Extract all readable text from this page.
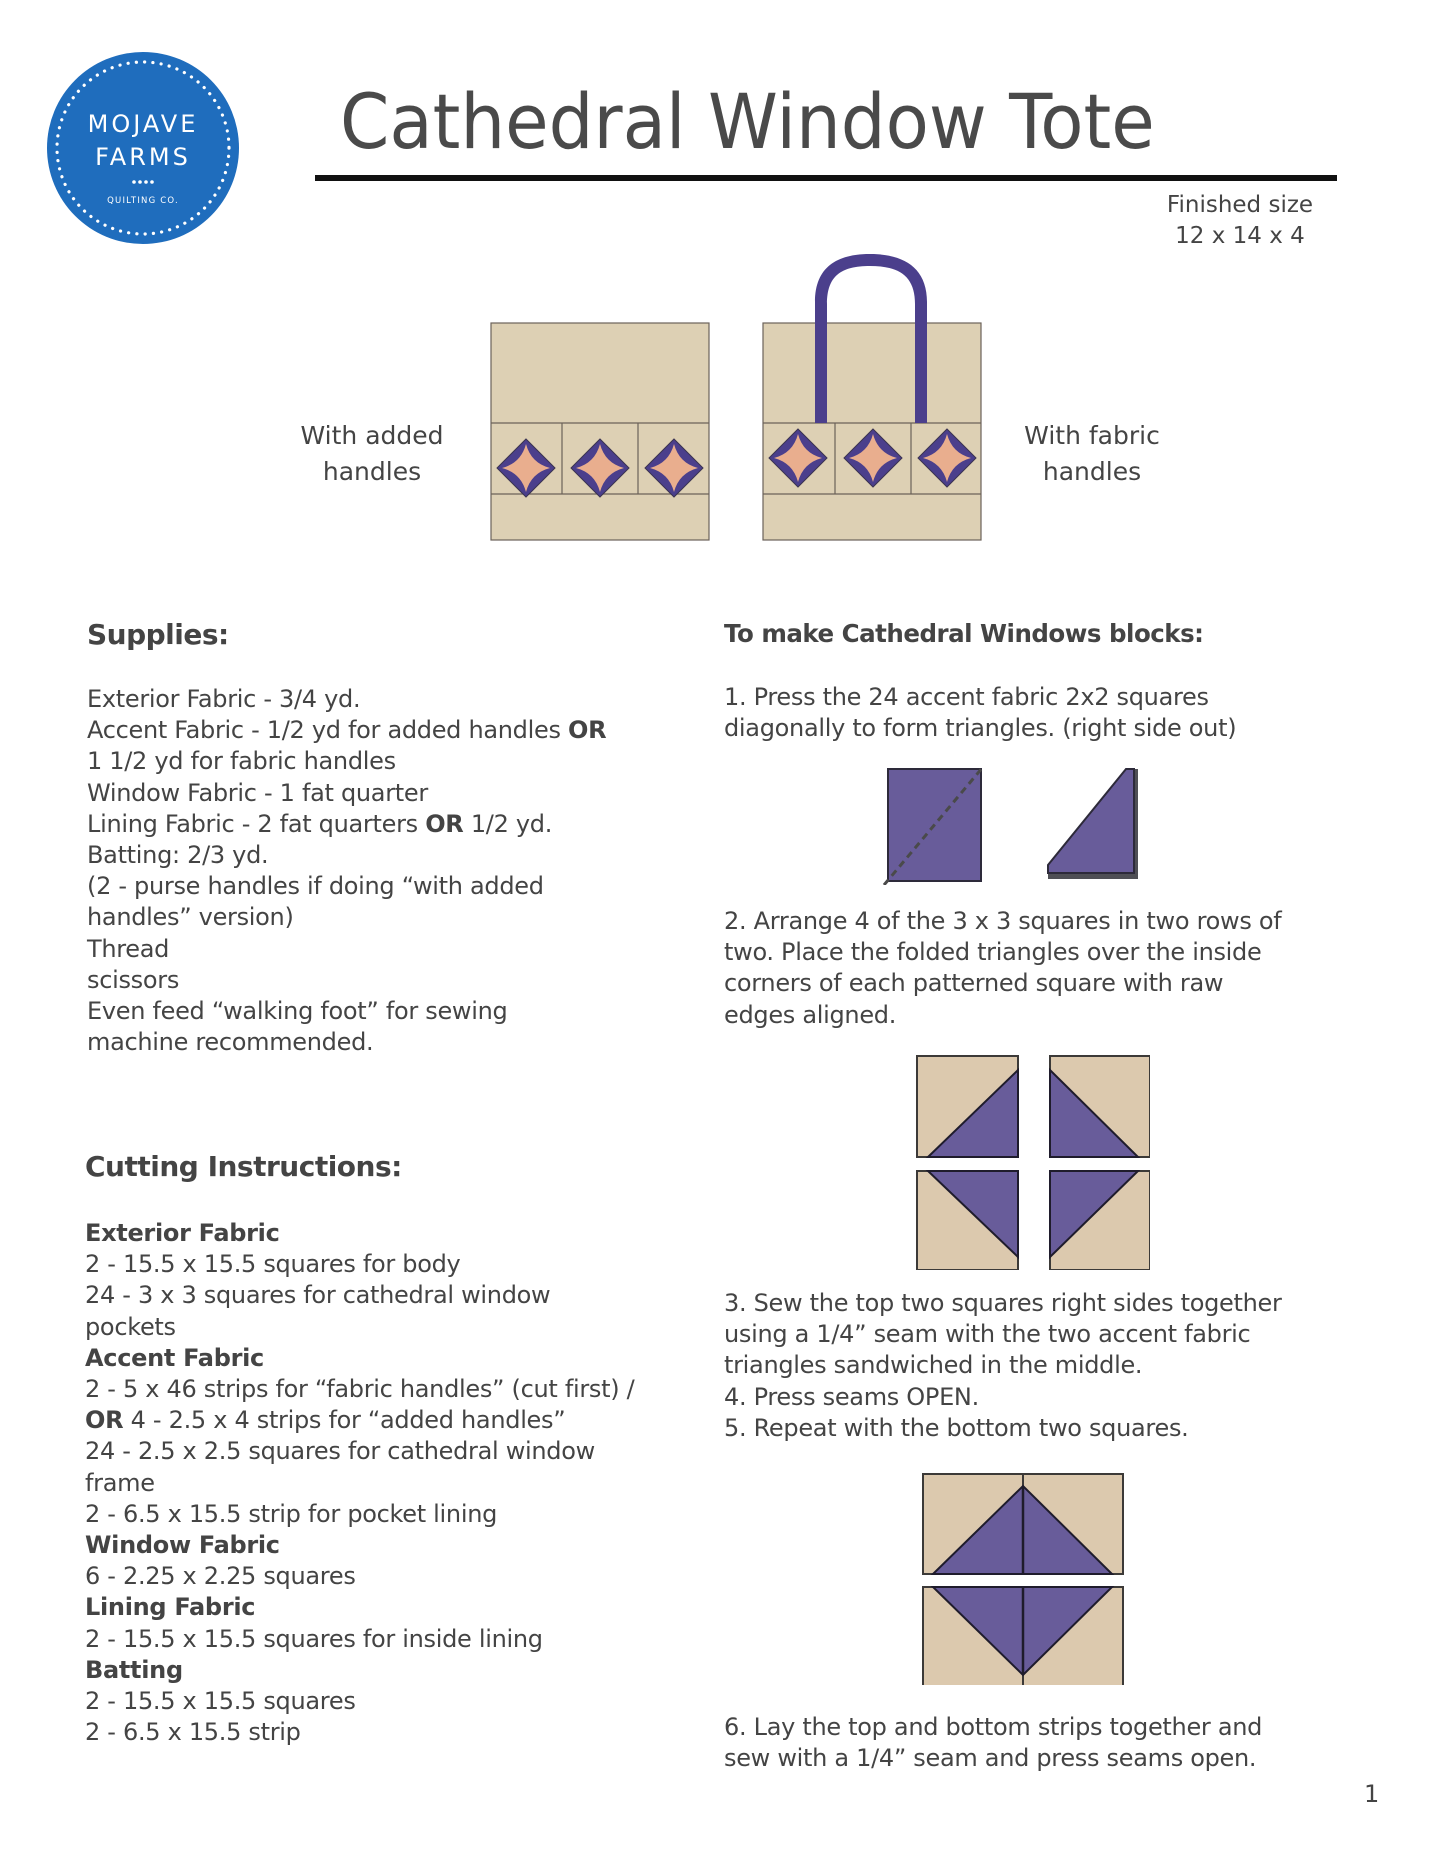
MOJAVE
FARMS
QUILTING CO.
Cathedral Window Tote
Finished size
12 x 14 x 4
With added
handles
With fabric
handles
Supplies:
Exterior Fabric - 3/4 yd.
Accent Fabric - 1/2 yd for added handles OR
1 1/2 yd for fabric handles
Window Fabric - 1 fat quarter
Lining Fabric - 2 fat quarters OR 1/2 yd.
Batting: 2/3 yd.
(2 - purse handles if doing “with added
handles” version)
Thread
scissors
Even feed “walking foot” for sewing
machine recommended.
Cutting Instructions:
Exterior Fabric
2 - 15.5 x 15.5 squares for body
24 - 3 x 3 squares for cathedral window
pockets
Accent Fabric
2 - 5 x 46 strips for “fabric handles” (cut first) /
OR 4 - 2.5 x 4 strips for “added handles”
24 - 2.5 x 2.5 squares for cathedral window
frame
2 - 6.5 x 15.5 strip for pocket lining
Window Fabric
6 - 2.25 x 2.25 squares
Lining Fabric
2 - 15.5 x 15.5 squares for inside lining
Batting
2 - 15.5 x 15.5 squares
2 - 6.5 x 15.5 strip
To make Cathedral Windows blocks:
1. Press the 24 accent fabric 2x2 squares
diagonally to form triangles. (right side out)
2. Arrange 4 of the 3 x 3 squares in two rows of
two. Place the folded triangles over the inside
corners of each patterned square with raw
edges aligned.
3. Sew the top two squares right sides together
using a 1/4” seam with the two accent fabric
triangles sandwiched in the middle.
4. Press seams OPEN.
5. Repeat with the bottom two squares.
6. Lay the top and bottom strips together and
sew with a 1/4” seam and press seams open.
1
